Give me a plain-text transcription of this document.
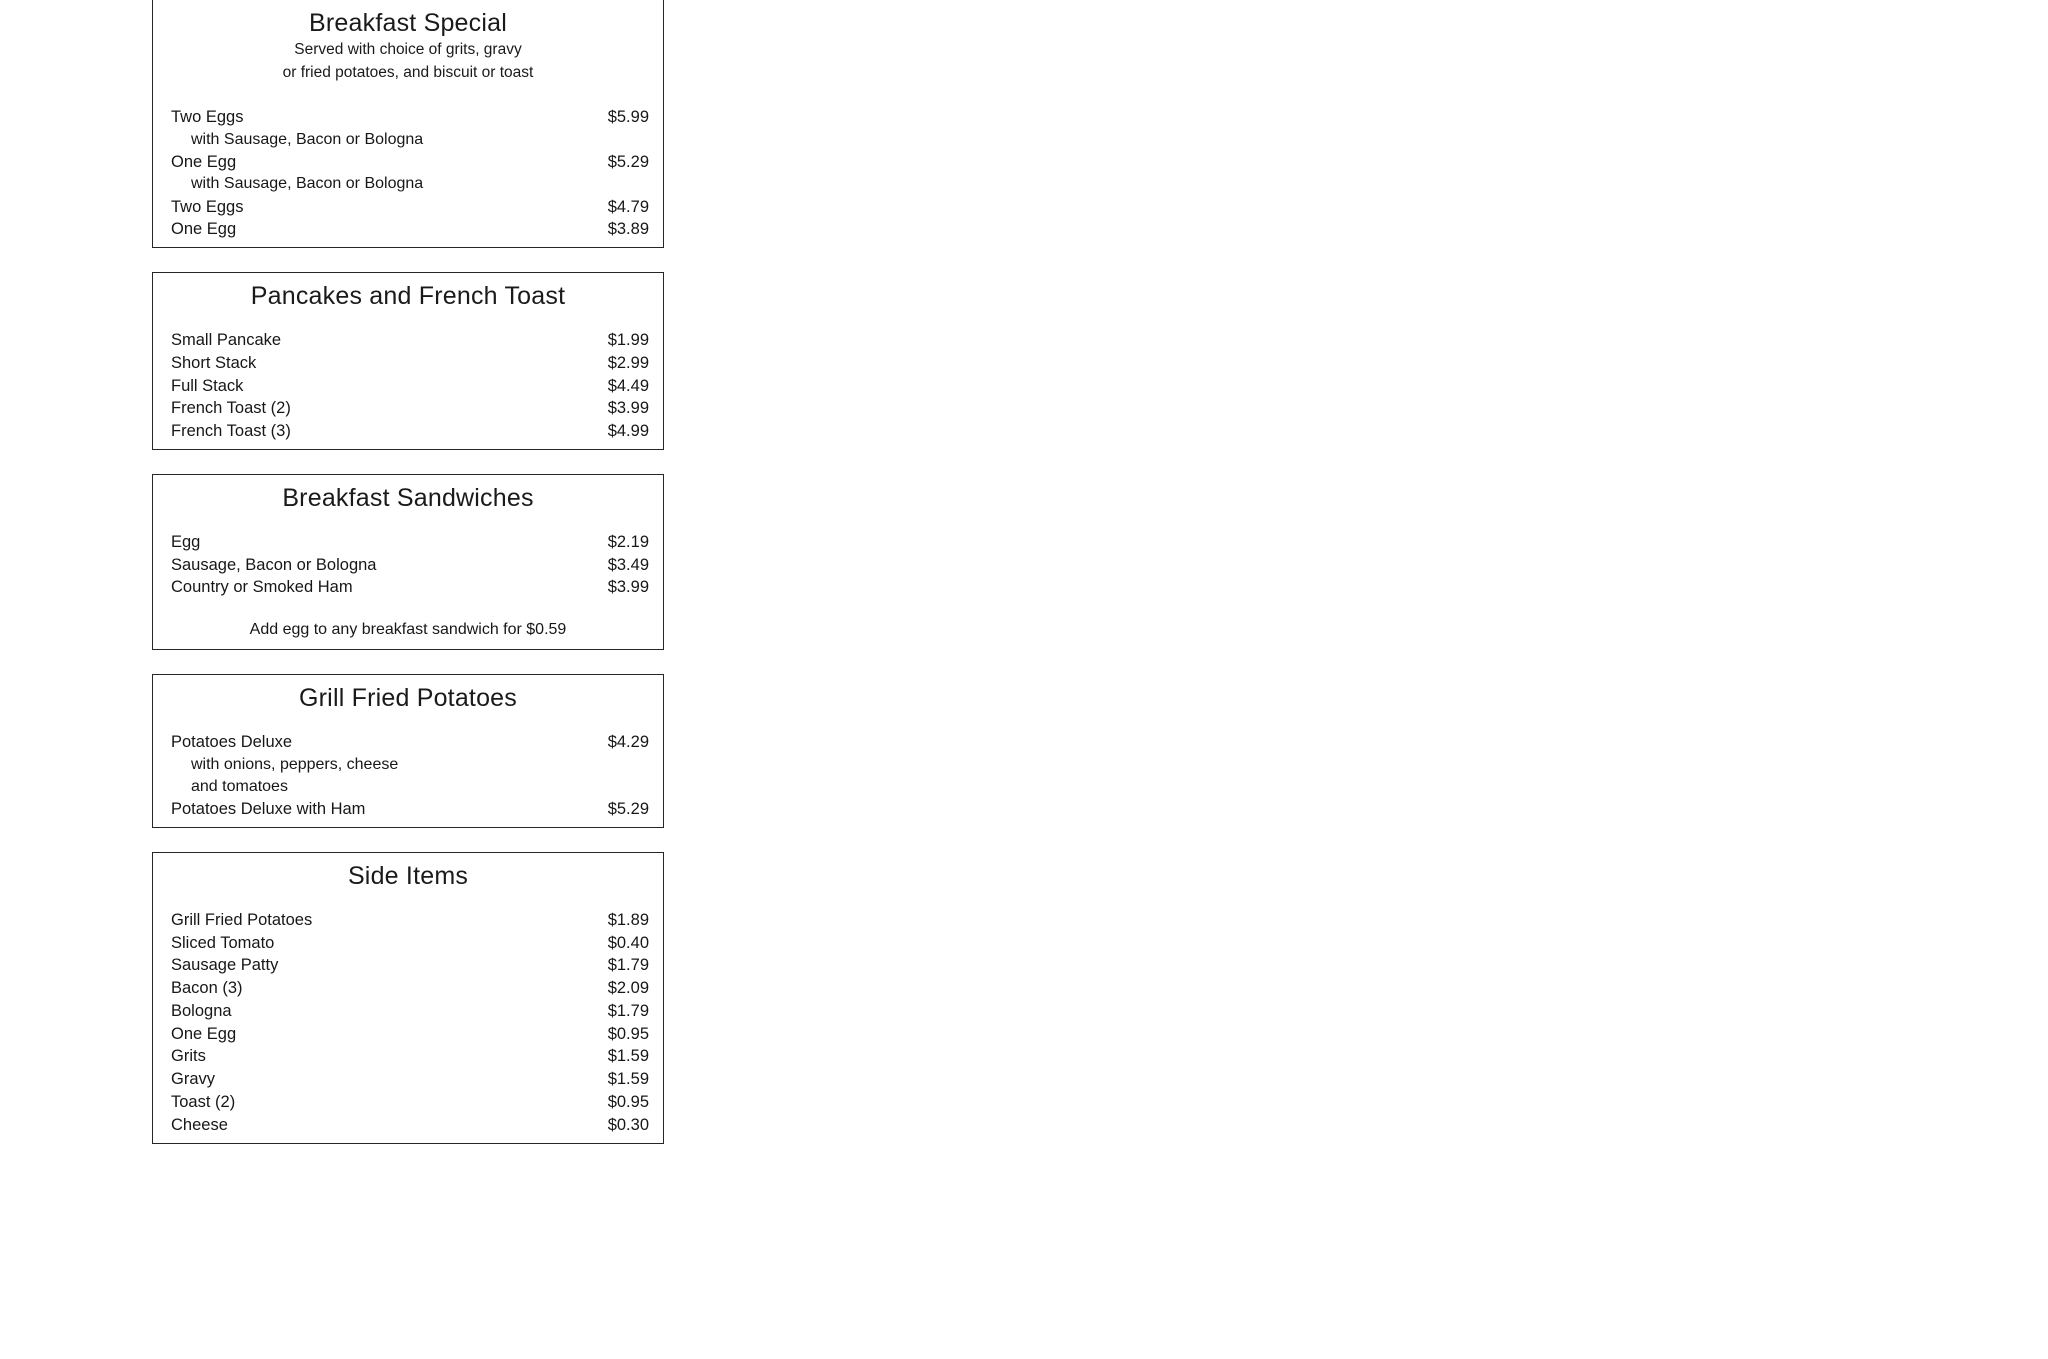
Breakfast Special
Served with choice of grits, gravy
or fried potatoes, and biscuit or toast
Two Eggs	$5.99
with Sausage, Bacon or Bologna
One Egg	$5.29
with Sausage, Bacon or Bologna
Two Eggs	$4.79
One Egg	$3.89
Pancakes and French Toast
Small Pancake	$1.99
Short Stack	$2.99
Full Stack	$4.49
French Toast (2)	$3.99
French Toast (3)	$4.99
Breakfast Sandwiches
Egg	$2.19
Sausage, Bacon or Bologna	$3.49
Country or Smoked Ham	$3.99
Add egg to any breakfast sandwich for $0.59
Grill Fried Potatoes
Potatoes Deluxe	$4.29
with onions, peppers, cheese
and tomatoes
Potatoes Deluxe with Ham	$5.29
Side Items
Grill Fried Potatoes	$1.89
Sliced Tomato	$0.40
Sausage Patty	$1.79
Bacon (3)	$2.09
Bologna	$1.79
One Egg	$0.95
Grits	$1.59
Gravy	$1.59
Toast (2)	$0.95
Cheese	$0.30
